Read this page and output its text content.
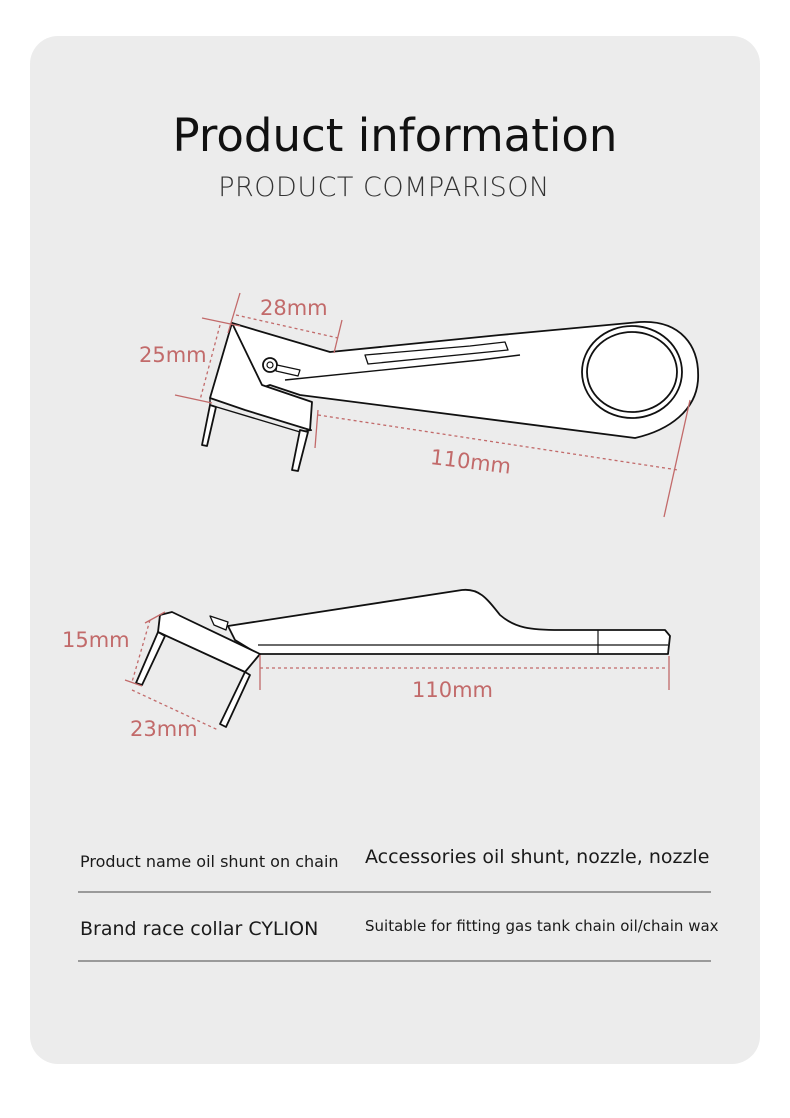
Product information
PRODUCT COMPARISON
28mm
25mm
110mm
15mm
23mm
110mm
Product name oil shunt on chain Accessories oil shunt, nozzle, nozzle
Brand race collar CYLION	Suitable for fitting gas tank chain oil/chain wax
